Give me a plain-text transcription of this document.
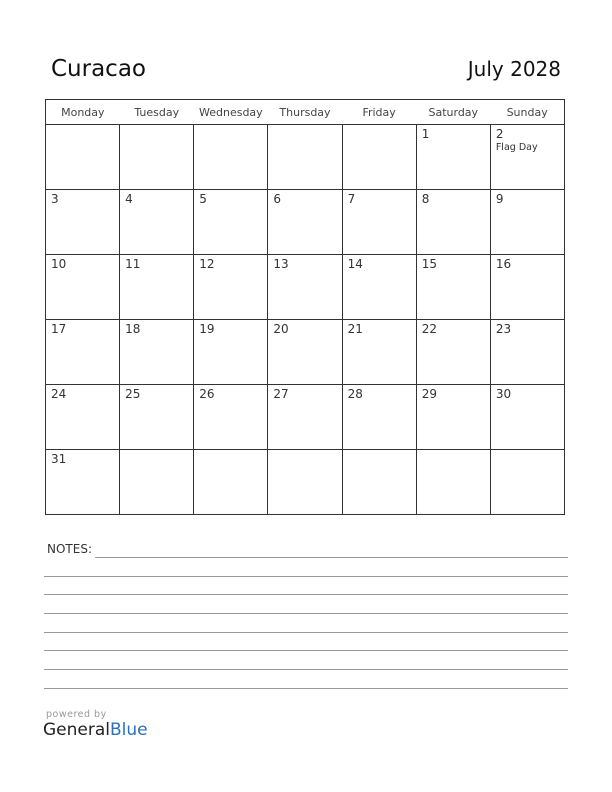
Curacao	July 2028
Monday	Tuesday	Wednesday	Thursday	Friday	Saturday	Sunday

					1	2
Flag Day

3	4	5	6	7	8	9

10	11	12	13	14	15	16

17	18	19	20	21	22	23

24	25	26	27	28	29	30

31						

NOTES:
powered by
GeneralBlue
